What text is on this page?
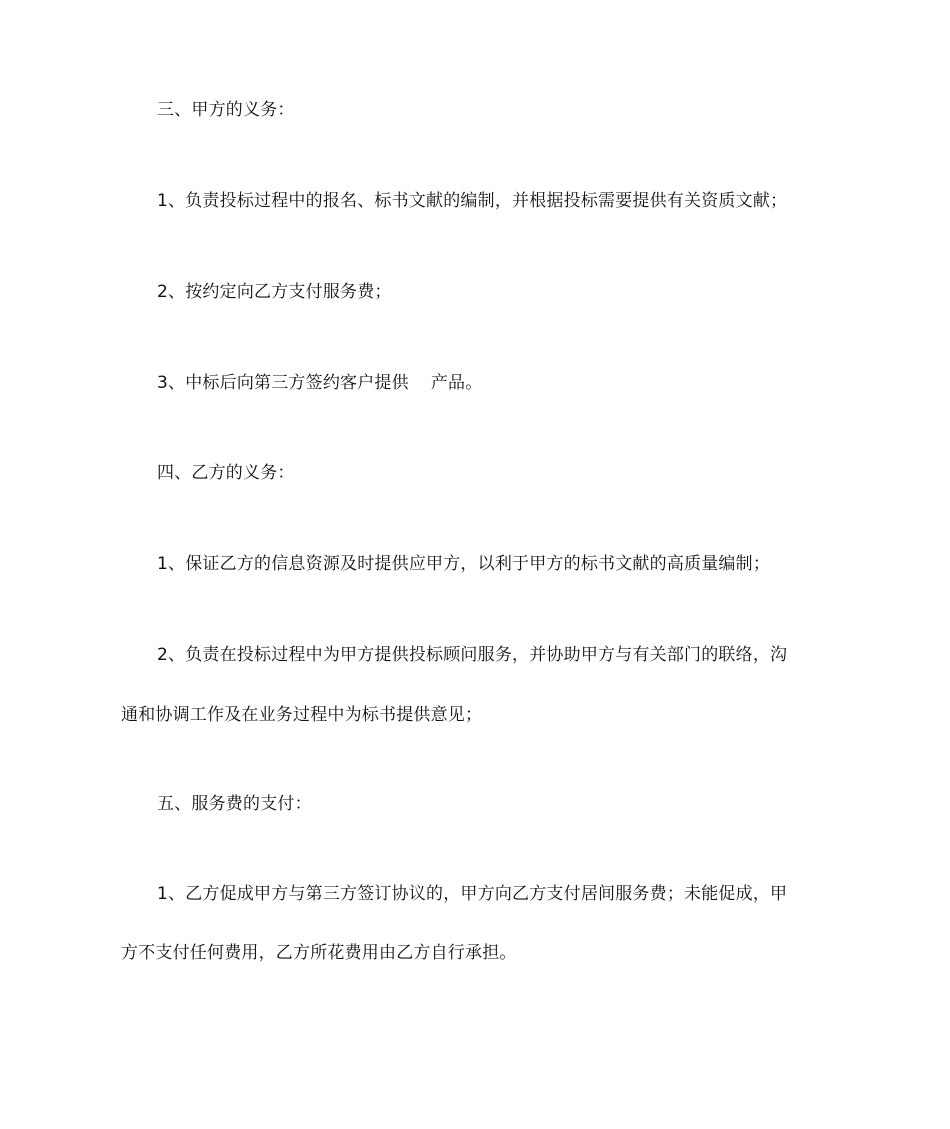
三、甲方的义务：
1、负责投标过程中的报名、标书文献的编制，并根据投标需要提供有关资质文献；
2、按约定向乙方支付服务费；
3、中标后向第三方签约客户提供 产品。
四、乙方的义务：
1、保证乙方的信息资源及时提供应甲方，以利于甲方的标书文献的高质量编制；
2、负责在投标过程中为甲方提供投标顾问服务，并协助甲方与有关部门的联络，沟
通和协调工作及在业务过程中为标书提供意见；
五、服务费的支付：
1、乙方促成甲方与第三方签订协议的，甲方向乙方支付居间服务费；未能促成，甲
方不支付任何费用，乙方所花费用由乙方自行承担。
